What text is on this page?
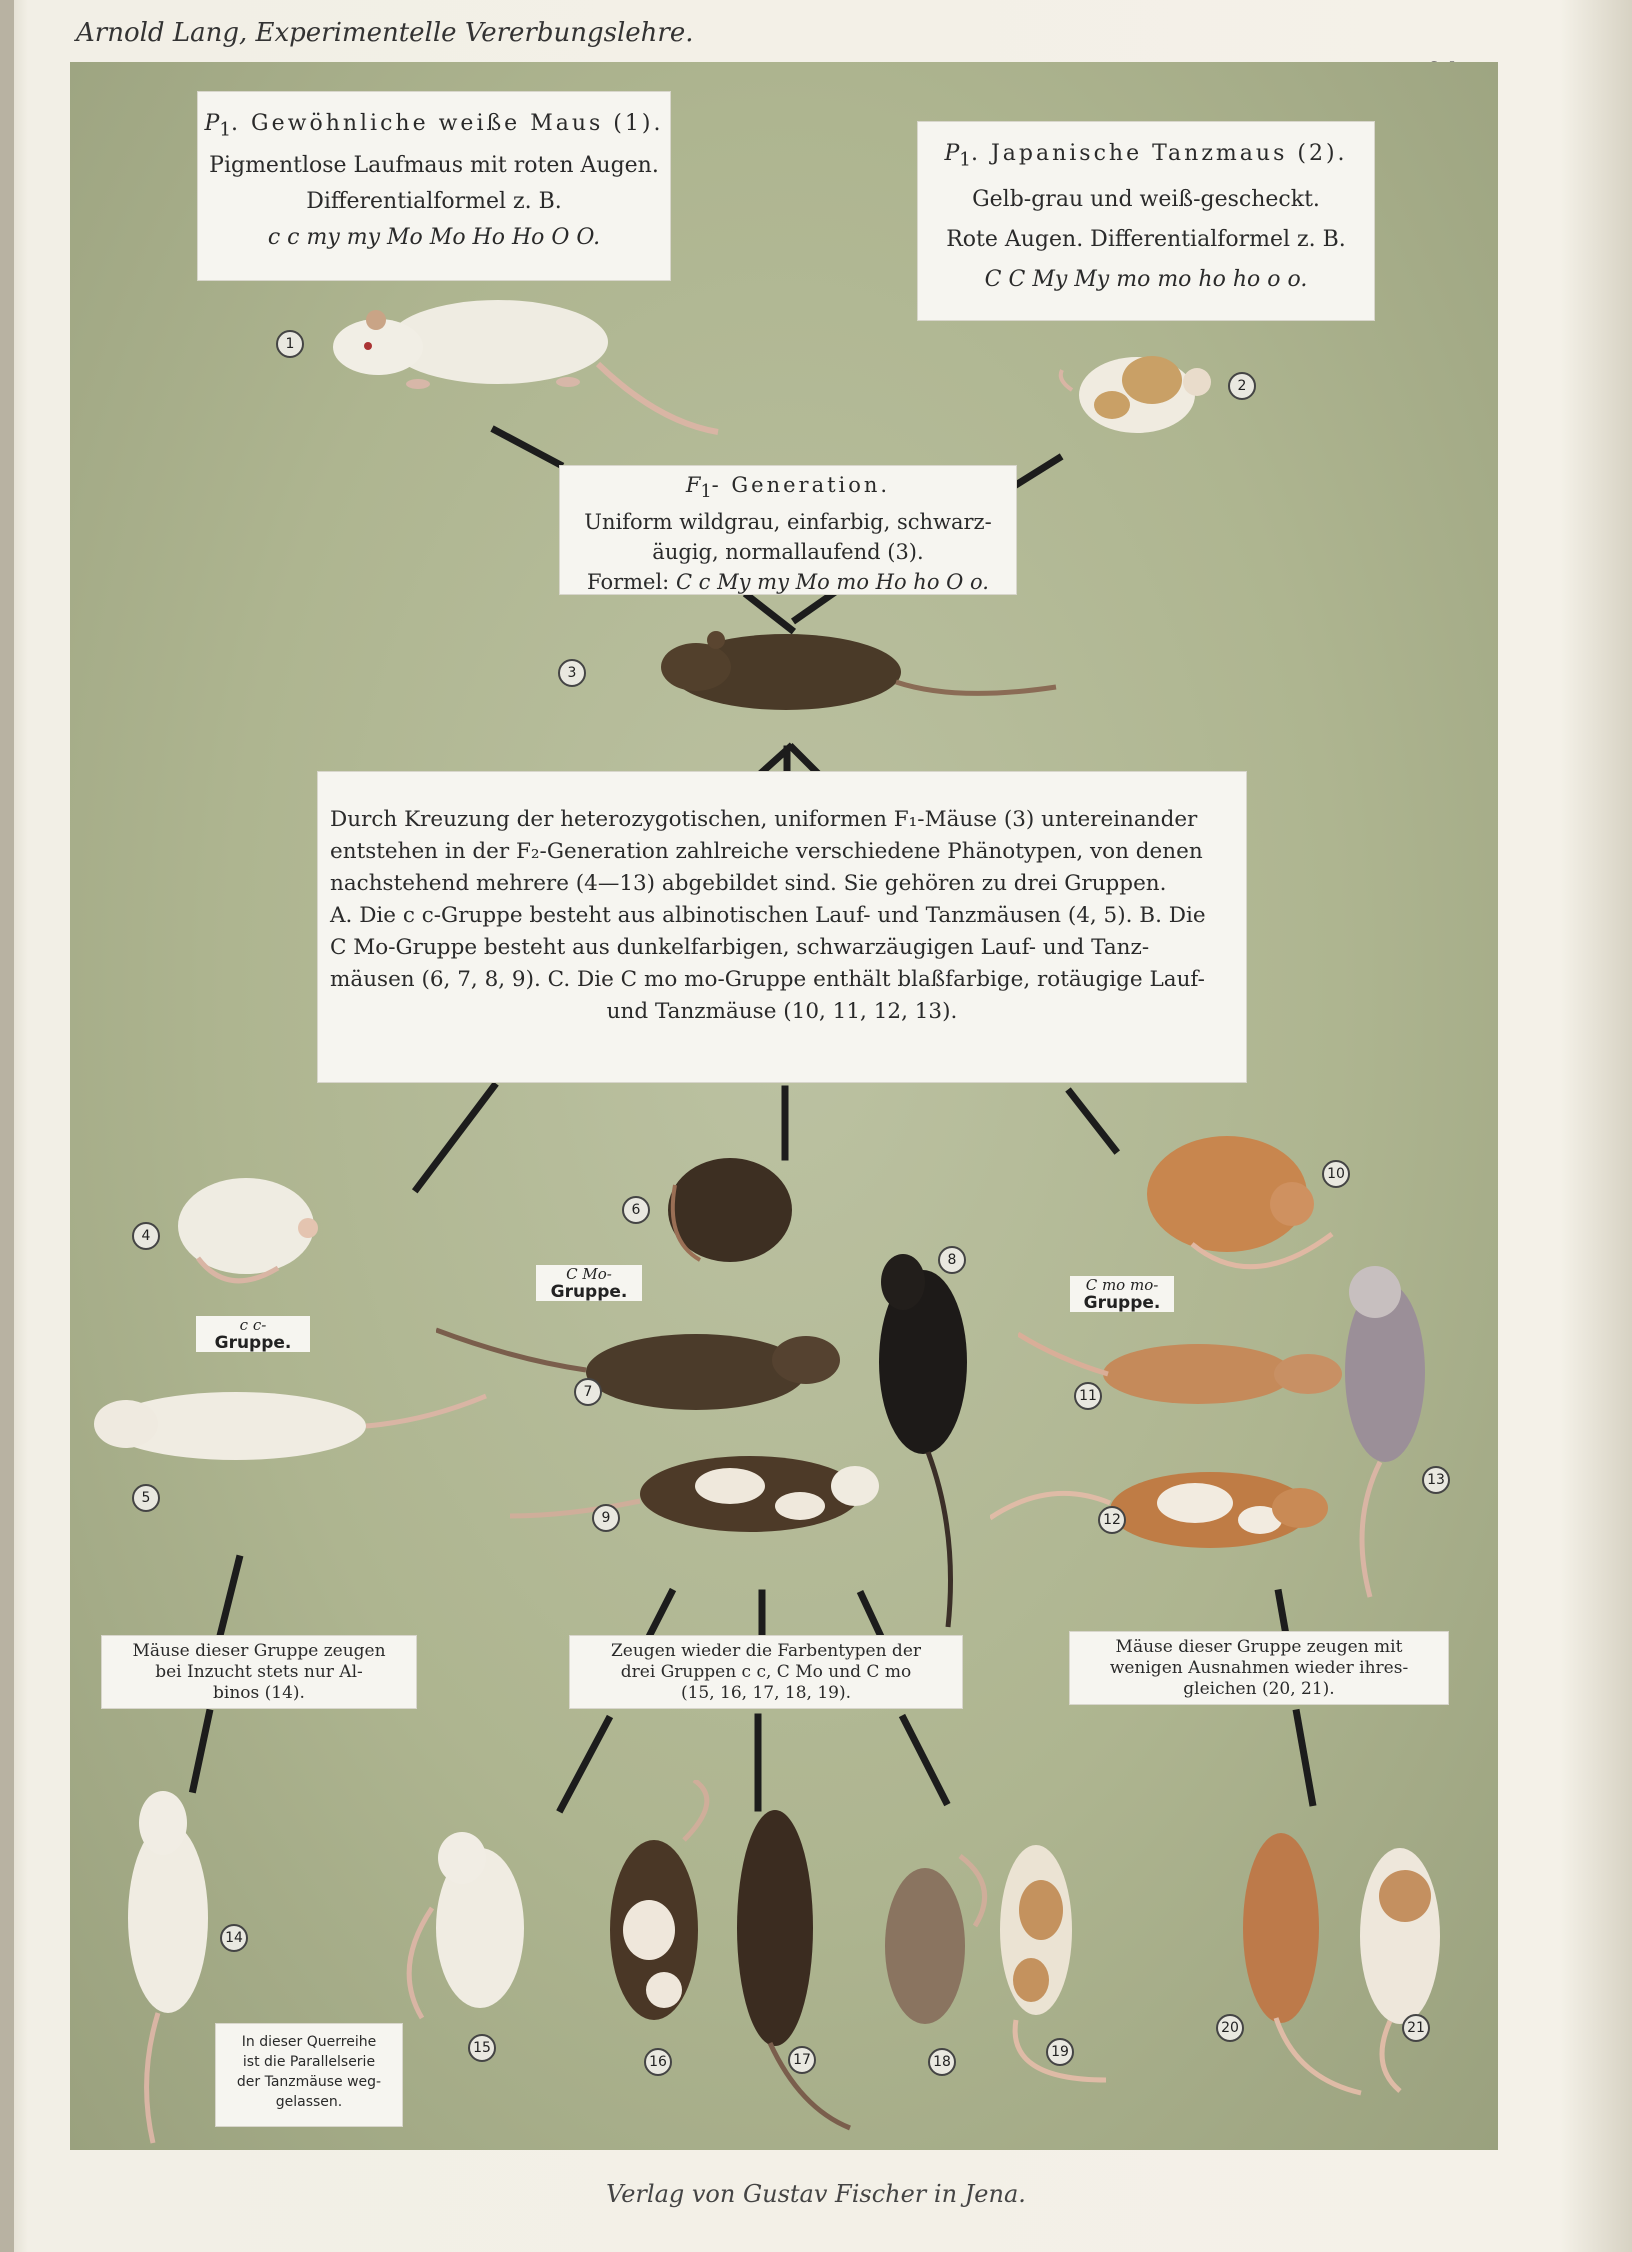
Arnold Lang, Experimentelle Vererbungslehre.
$P_1$. Gewöhnliche weiße Maus (1).
Pigmentlose Laufmaus mit roten Augen.
Differentialformel z. B.
c c my my Mo Mo Ho Ho O O.
$P_1$. Japanische Tanzmaus (2).
Gelb-grau und weiß-gescheckt.
Rote Augen. Differentialformel z. B.
C C My My mo mo ho ho o o.
$F_1-$ Generation.
Uniform wildgrau, einfarbig, schwarz-
äugig, normallaufend (3).
Formel: C c My my Mo mo Ho ho O o.
Durch Kreuzung der heterozygotischen, uniformen F₁-Mäuse (3) untereinander
entstehen in der F₂-Generation zahlreiche verschiedene Phänotypen, von denen
nachstehend mehrere (4—13) abgebildet sind. Sie gehören zu drei Gruppen.
A. Die c c-Gruppe besteht aus albinotischen Lauf- und Tanzmäusen (4, 5). B. Die
C Mo-Gruppe besteht aus dunkelfarbigen, schwarzäugigen Lauf- und Tanz-
mäusen (6, 7, 8, 9). C. Die C mo mo-Gruppe enthält blaßfarbige, rotäugige Lauf-
und Tanzmäuse (10, 11, 12, 13).
c c-
Gruppe.
C Mo-
Gruppe.	C mo mo-
Gruppe.
Mäuse dieser Gruppe zeugen
bei Inzucht stets nur Al-
binos (14).
Zeugen wieder die Farbentypen der
drei Gruppen c c, C Mo und C mo
(15, 16, 17, 18, 19).
Mäuse dieser Gruppe zeugen mit
wenigen Ausnahmen wieder ihres-
gleichen (20, 21).
In dieser Querreihe
ist die Parallelserie
der Tanzmäuse weg-
gelassen.
1
2
3
4
5
6
7
8
9
10
11
12
13
14
15
16	17	18
19
20	21
Verlag von Gustav Fischer in Jena.
